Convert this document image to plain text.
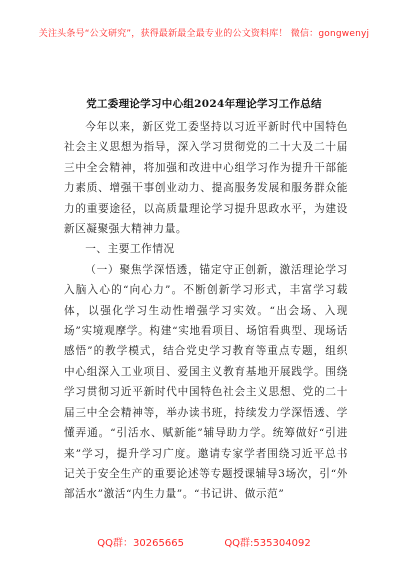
关注头条号“公文研究”，获得最新最全最专业的公文资料库！ 微信：gongwenyj
党工委理论学习中心组2024年理论学习工作总结

今年以来，新区党工委坚持以习近平新时代中国特色社会主义思想为指导，深入学习贯彻党的二十大及二十届三中全会精神，将加强和改进中心组学习作为提升干部能力素质、增强干事创业动力、提高服务发展和服务群众能力的重要途径，以高质量理论学习提升思政水平，为建设新区凝聚强大精神力量。

一、主要工作情况

（一）聚焦学深悟透，锚定守正创新，激活理论学习入脑入心的“向心力”。不断创新学习形式，丰富学习载体，以强化学习生动性增强学习实效。“出会场、入现场”实境观摩学。构建“实地看项目、场馆看典型、现场话感悟”的教学模式，结合党史学习教育等重点专题，组织中心组深入工业项目、爱国主义教育基地开展践学。围绕学习贯彻习近平新时代中国特色社会主义思想、党的二十届三中全会精神等，举办读书班，持续发力学深悟透、学懂弄通。“引活水、赋新能”辅导助力学。统筹做好“引进来”学习，提升学习广度。邀请专家学者围绕习近平总书记关于安全生产的重要论述等专题授课辅导3场次，引“外部活水”激活“内生力量”。“书记讲、做示范”

QQ群：30265665	QQ群:535304092
